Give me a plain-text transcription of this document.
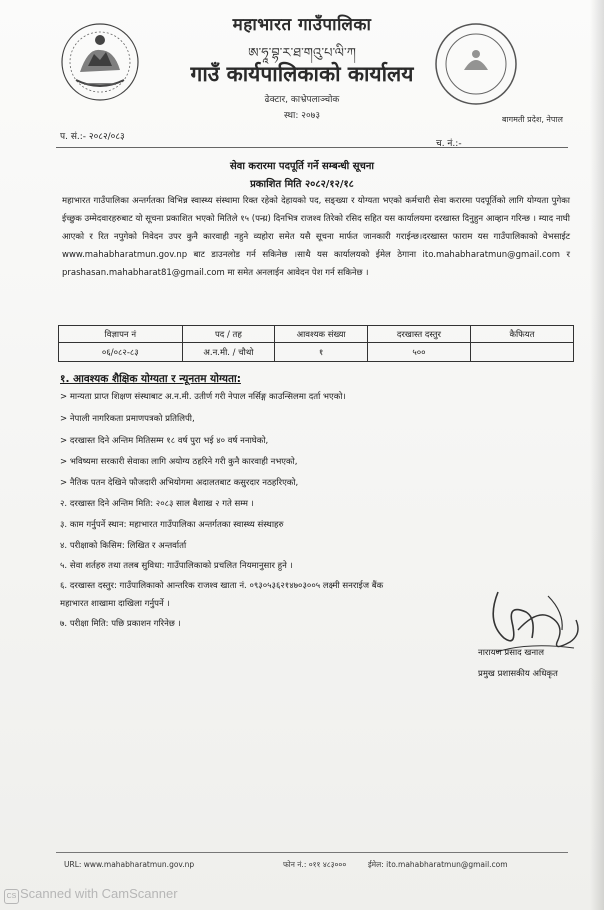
महाभारत गाउँपालिका
ཨ་ཧཱ་བྷ་ར་ཐ་གའུ་པ་ལི་ཀ
गाउँ कार्यपालिकाको कार्यालय
ढेक्टार, काभ्रेपलाञ्चोक
स्था: २०७३	बागमती प्रदेश, नेपाल
प. सं.:- २०८२/०८३
च. नं.:-
सेवा करारमा पदपूर्ति गर्ने सम्बन्धी सूचना
प्रकाशित मिति २०८२/१२/१८
महाभारत गाउँपालिका अन्तर्गतका विभिन्न स्वास्थ्य संस्थामा रिक्त रहेको देहायको पद, सङ्ख्या र योग्यता भएको कर्मचारी सेवा करारमा पदपूर्तिको लागि योग्यता पुगेका ईच्छुक उम्मेदवारहरुबाट यो सूचना प्रकाशित भएको मितिले १५ (पन्ध्र) दिनभित्र राजश्व तिरेको रसिद सहित यस कार्यालयमा दरखास्त दिनुहुन आव्हान गरिन्छ । म्याद नाघी आएको र रित नपुगेको निवेदन उपर कुनै कारवाही नहुने व्यहोरा समेत यसै सूचना मार्फत जानकारी गराईन्छ।दरखास्त फाराम यस गाउँपालिकाको वेभसाईट www.mahabharatmun.gov.np बाट डाउनलोड गर्न सकिनेछ ।साथै यस कार्यालयको ईमेल ठेगाना ito.mahabharatmun@gmail.com र prashasan.mahabharat81@gmail.com मा समेत अनलाईन आवेदन पेश गर्न सकिनेछ ।
विज्ञापन नं	पद / तह	आवश्यक संख्या	दरखास्त दस्तुर	कैफियत
०६/०८२-८३	अ.न.मी. / चौथो	१	५००	
१. आवश्यक शैक्षिक योग्यता र न्यूनतम योग्यता:
> मान्यता प्राप्त शिक्षण संस्थाबाट अ.न.मी. उतीर्ण गरी नेपाल नर्सिङ्ग काउन्सिलमा दर्ता भएको।
> नेपाली नागरिकता प्रमाणपत्रको प्रतिलिपी,
> दरखास्त दिने अन्तिम मितिसम्म १८ वर्ष पुरा भई ४० वर्ष ननाघेको,
> भविष्यमा सरकारी सेवाका लागि अयोग्य ठहरिने गरी कुनै कारवाही नभएको,
> नैतिक पतन देखिने फौजदारी अभियोगमा अदालतबाट कसुरदार नठहरिएको,
२. दरखास्त दिने अन्तिम मिति: २०८३ साल बैशाख २ गते सम्म ।
३. काम गर्नुपर्ने स्थान: महाभारत गाउँपालिका अन्तर्गतका स्वास्थ्य संस्थाहरु
४. परीक्षाको किसिम: लिखित र अन्तर्वार्ता
५. सेवा शर्तहरु तथा तलब सुविधा: गाउँपालिकाको प्रचलित नियमानुसार हुने ।
६. दरखास्त दस्तुर: गाउँपालिकाको आन्तरिक राजश्व खाता नं. ०९३०५३६२१४७०३००५ लक्ष्मी सनराईज बैंक
महाभारत शाखामा दाखिला गर्नुपर्ने ।
७. परीक्षा मिति: पछि प्रकाशन गरिनेछ ।
नारायण प्रसाद खनाल
प्रमुख प्रशासकीय अधिकृत
URL: www.mahabharatmun.gov.np	फोन नं.: ०११ ४८३०००	ईमेल: ito.mahabharatmun@gmail.com
CS Scanned with CamScanner
